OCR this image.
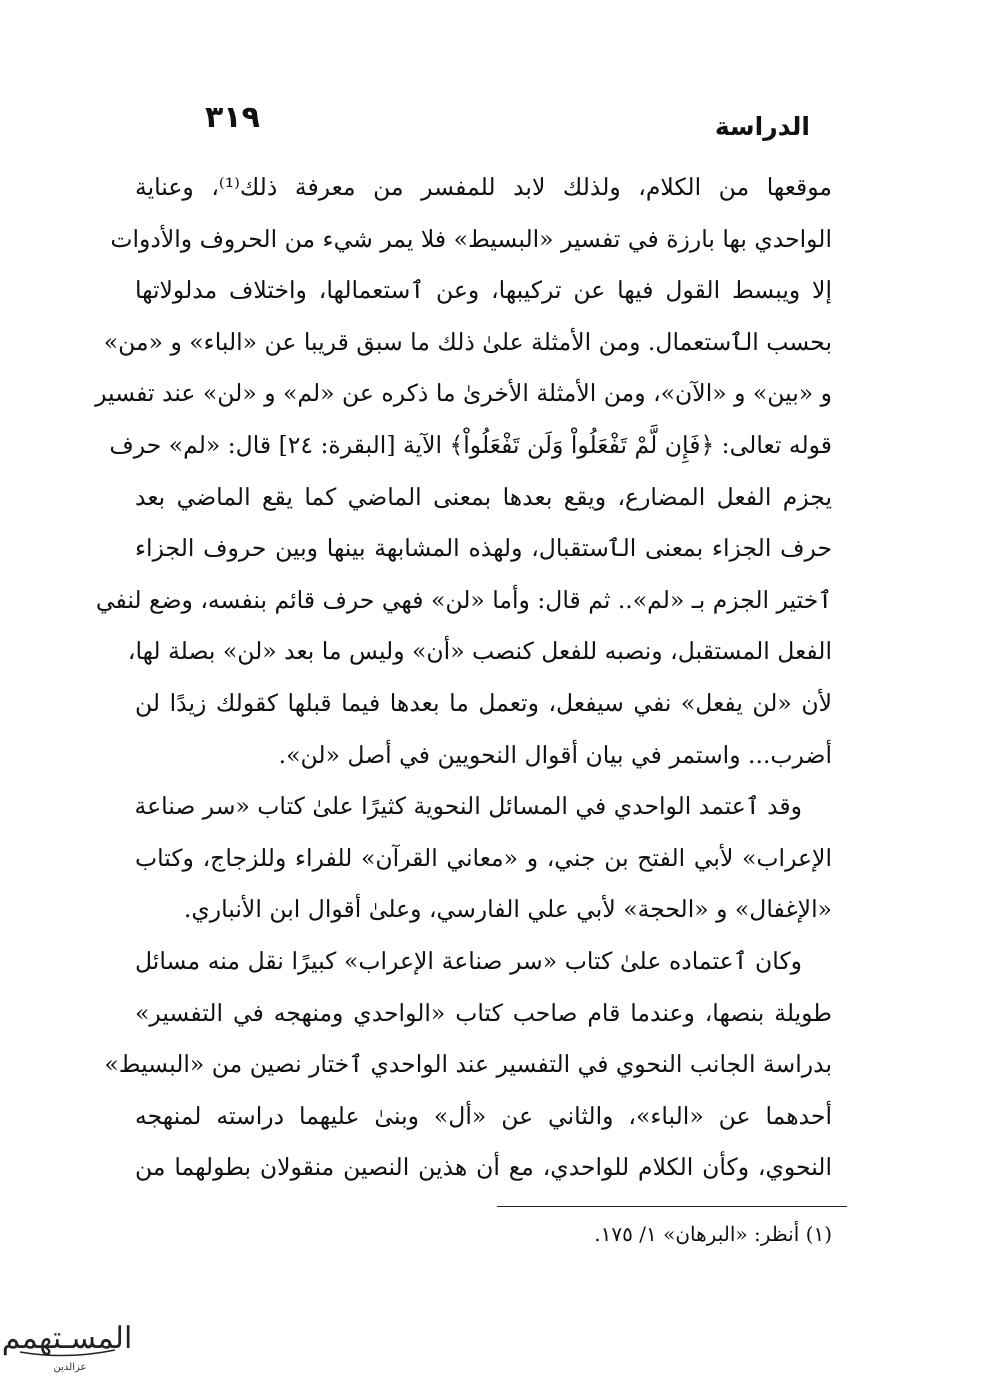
الدراسة
٣١٩
موقعها من الكلام، ولذلك لابد للمفسر من معرفة ذلك⁽¹⁾، وعناية
الواحدي بها بارزة في تفسير «البسيط» فلا يمر شيء من الحروف والأدوات
إلا ويبسط القول فيها عن تركيبها، وعن ٱستعمالها، واختلاف مدلولاتها
بحسب الٱستعمال. ومن الأمثلة علىٰ ذلك ما سبق قريبا عن «الباء» و «من»
و «بين» و «الآن»، ومن الأمثلة الأخرىٰ ما ذكره عن «لم» و «لن» عند تفسير
قوله تعالى: ﴿فَإِن لَّمْ تَفْعَلُواْ وَلَن تَفْعَلُواْ﴾ الآية [البقرة: ٢٤] قال: «لم» حرف
يجزم الفعل المضارع، ويقع بعدها بمعنى الماضي كما يقع الماضي بعد
حرف الجزاء بمعنى الٱستقبال، ولهذه المشابهة بينها وبين حروف الجزاء
ٱختير الجزم بـ «لم».. ثم قال: وأما «لن» فهي حرف قائم بنفسه، وضع لنفي
الفعل المستقبل، ونصبه للفعل كنصب «أن» وليس ما بعد «لن» بصلة لها،
لأن «لن يفعل» نفي سيفعل، وتعمل ما بعدها فيما قبلها كقولك زيدًا لن
أضرب... واستمر في بيان أقوال النحويين في أصل «لن».
وقد ٱعتمد الواحدي في المسائل النحوية كثيرًا علىٰ كتاب «سر صناعة
الإعراب» لأبي الفتح بن جني، و «معاني القرآن» للفراء وللزجاج، وكتاب
«الإغفال» و «الحجة» لأبي علي الفارسي، وعلىٰ أقوال ابن الأنباري.
وكان ٱعتماده علىٰ كتاب «سر صناعة الإعراب» كبيرًا نقل منه مسائل
طويلة بنصها، وعندما قام صاحب كتاب «الواحدي ومنهجه في التفسير»
بدراسة الجانب النحوي في التفسير عند الواحدي ٱختار نصين من «البسيط»
أحدهما عن «الباء»، والثاني عن «أل» وبنىٰ عليهما دراسته لمنهجه
النحوي، وكأن الكلام للواحدي، مع أن هذين النصين منقولان بطولهما من
(١) أنظر: «البرهان» ١/ ١٧٥.
المسـتهمم
عزالدين
